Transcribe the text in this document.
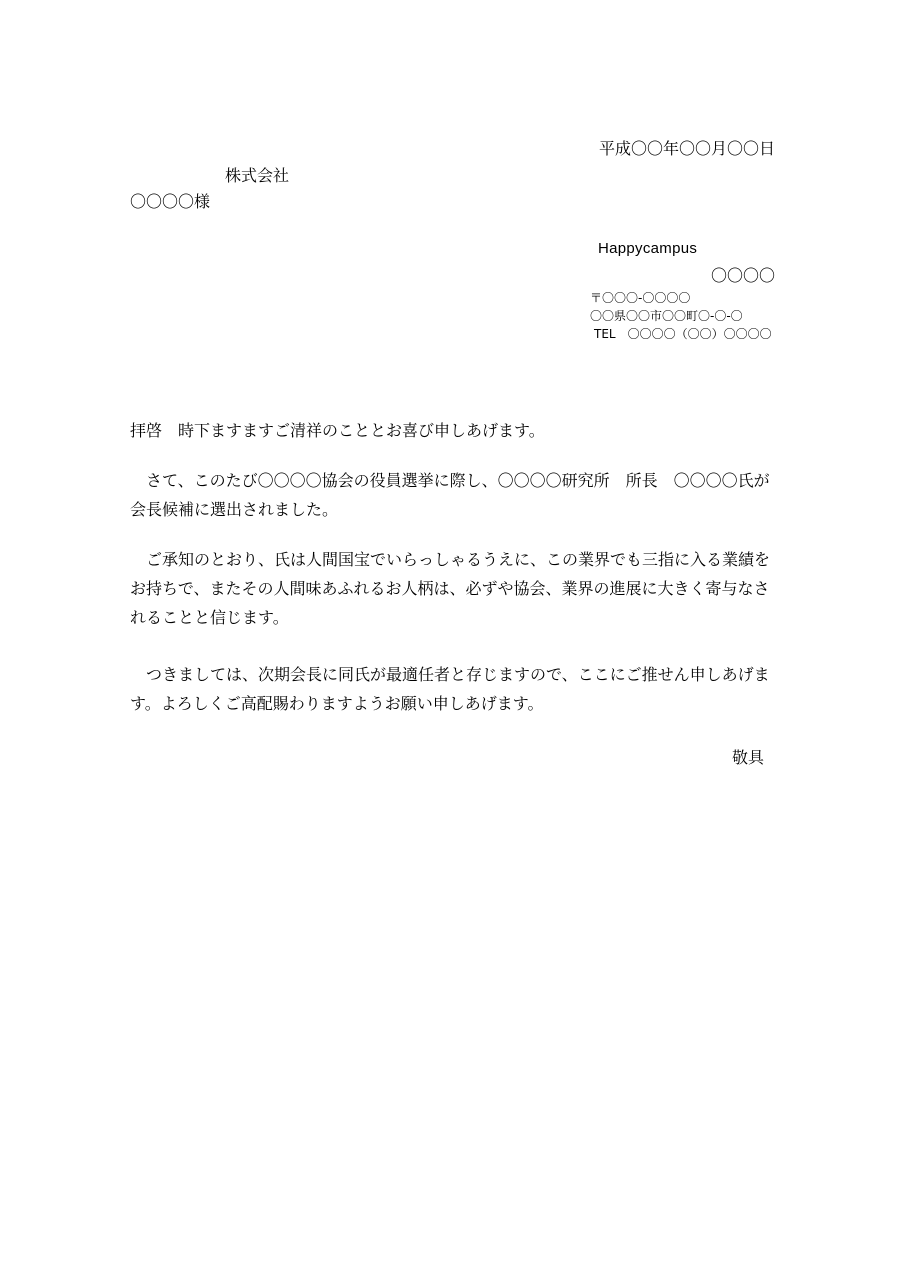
平成〇〇年〇〇月〇〇日
株式会社
〇〇〇〇様
Happycampus
〇〇〇〇
〒〇〇〇-〇〇〇〇
〇〇県〇〇市〇〇町〇-〇-〇
TEL　〇〇〇〇（〇〇）〇〇〇〇

拝啓　時下ますますご清祥のこととお喜び申しあげます。

　さて、このたび〇〇〇〇協会の役員選挙に際し、〇〇〇〇研究所　所長　〇〇〇〇氏が会長候補に選出されました。

　ご承知のとおり、氏は人間国宝でいらっしゃるうえに、この業界でも三指に入る業績をお持ちで、またその人間味あふれるお人柄は、必ずや協会、業界の進展に大きく寄与なされることと信じます。

　つきましては、次期会長に同氏が最適任者と存じますので、ここにご推せん申しあげます。よろしくご高配賜わりますようお願い申しあげます。

敬具
